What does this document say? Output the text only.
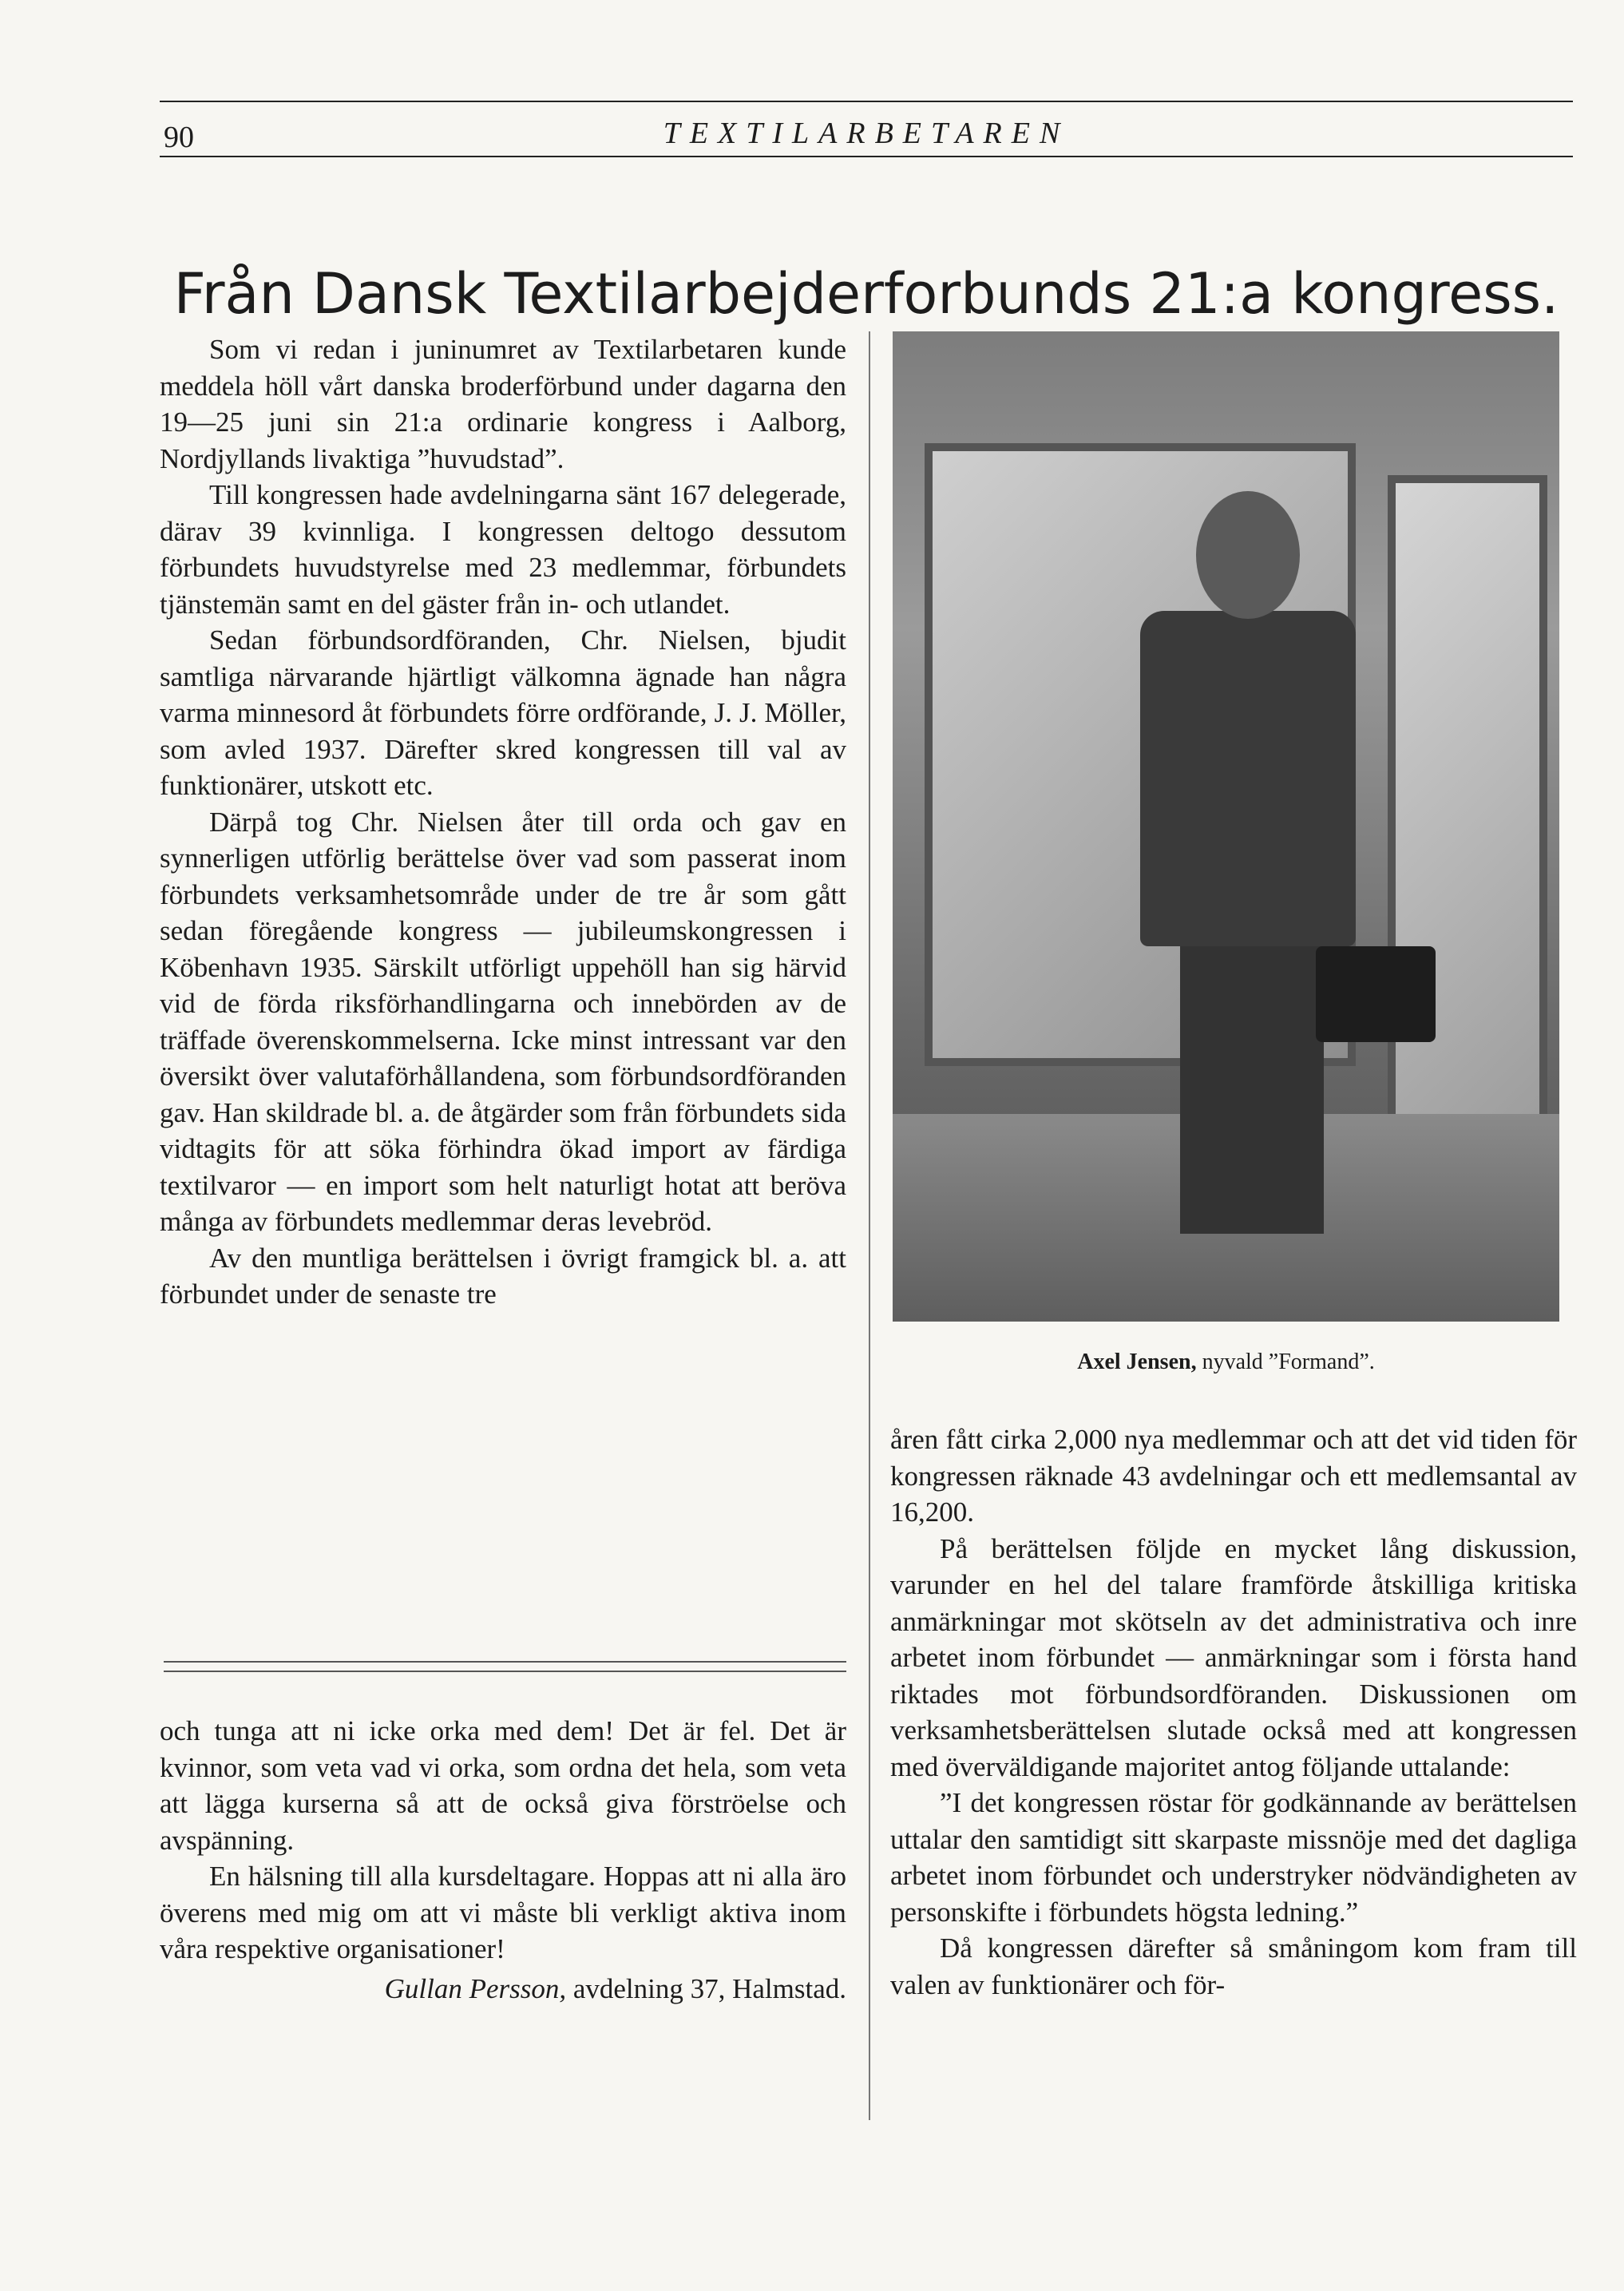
90	TEXTILARBETAREN
Från Dansk Textilarbejderforbunds 21:a kongress.

Som vi redan i juninumret av Textilarbetaren kunde meddela höll vårt danska broderförbund under dagarna den 19—25 juni sin 21:a ordinarie kongress i Aalborg, Nordjyllands livaktiga ”huvudstad”.

Till kongressen hade avdelningarna sänt 167 delegerade, därav 39 kvinnliga. I kongressen deltogo dessutom förbundets huvudstyrelse med 23 medlemmar, förbundets tjänstemän samt en del gäster från in- och utlandet.

Sedan förbundsordföranden, Chr. Nielsen, bjudit samtliga närvarande hjärtligt välkomna ägnade han några varma minnesord åt förbundets förre ordförande, J. J. Möller, som avled 1937. Därefter skred kongressen till val av funktionärer, utskott etc.

Därpå tog Chr. Nielsen åter till orda och gav en synnerligen utförlig berättelse över vad som passerat inom förbundets verksamhetsområde under de tre år som gått sedan föregående kongress — jubileumskongressen i Köbenhavn 1935. Särskilt utförligt uppehöll han sig härvid vid de förda riksförhandlingarna och innebörden av de träffade överenskommelserna. Icke minst intressant var den översikt över valutaförhållandena, som förbundsordföranden gav. Han skildrade bl. a. de åtgärder som från förbundets sida vidtagits för att söka förhindra ökad import av färdiga textilvaror — en import som helt naturligt hotat att beröva många av förbundets medlemmar deras levebröd.

Av den muntliga berättelsen i övrigt framgick bl. a. att förbundet under de senaste tre

Axel Jensen, nyvald ”Formand”.

åren fått cirka 2,000 nya medlemmar och att det vid tiden för kongressen räknade 43 avdelningar och ett medlemsantal av 16,200.

På berättelsen följde en mycket lång diskussion, varunder en hel del talare framförde åtskilliga kritiska anmärkningar mot skötseln av det administrativa och inre arbetet inom förbundet — anmärkningar som i första hand riktades mot förbundsordföranden. Diskussionen om verksamhetsberättelsen slutade också med att kongressen med överväldigande majoritet antog följande uttalande:

”I det kongressen röstar för godkännande av berättelsen uttalar den samtidigt sitt skarpaste missnöje med det dagliga arbetet inom förbundet och understryker nödvändigheten av personskifte i förbundets högsta ledning.”

Då kongressen därefter så småningom kom fram till valen av funktionärer och för-

och tunga att ni icke orka med dem! Det är fel. Det är kvinnor, som veta vad vi orka, som ordna det hela, som veta att lägga kurserna så att de också giva förströelse och avspänning.

En hälsning till alla kursdeltagare. Hoppas att ni alla äro överens med mig om att vi måste bli verkligt aktiva inom våra respektive organisationer!

Gullan Persson, avdelning 37, Halmstad.
